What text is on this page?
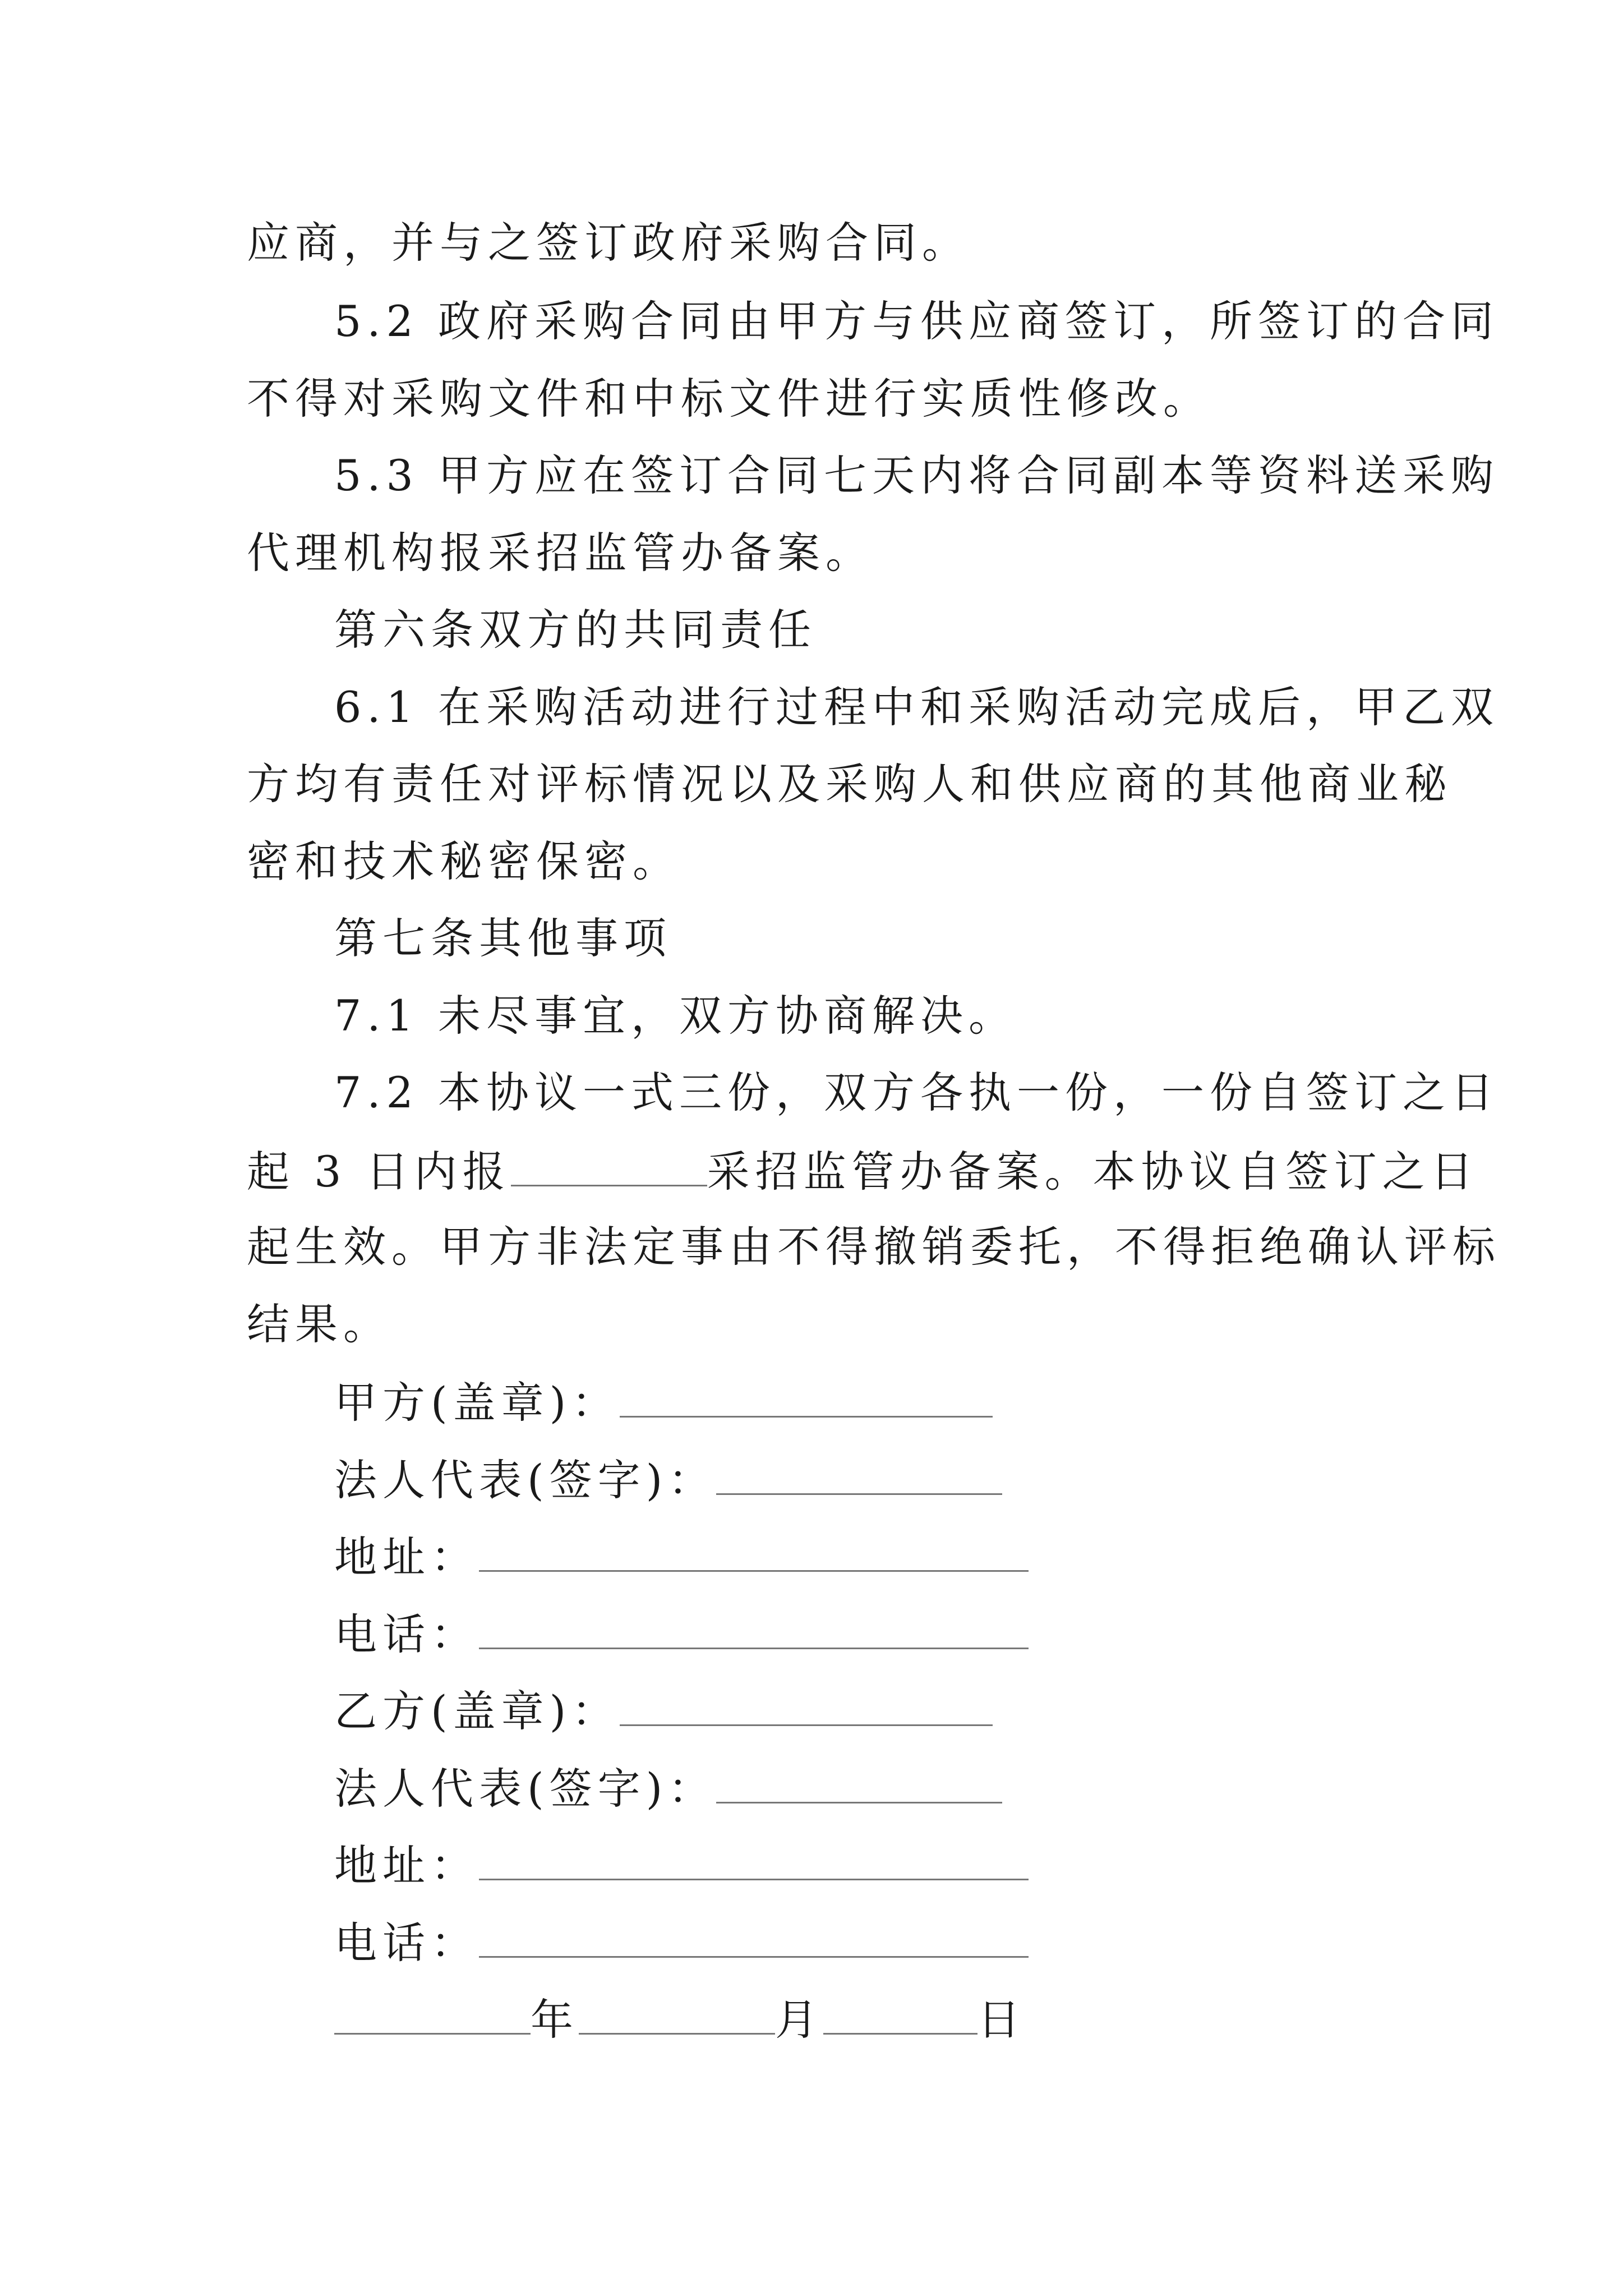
应商，并与之签订政府采购合同。
5.2 政府采购合同由甲方与供应商签订，所签订的合同
不得对采购文件和中标文件进行实质性修改。
5.3 甲方应在签订合同七天内将合同副本等资料送采购
代理机构报采招监管办备案。
第六条双方的共同责任
6.1 在采购活动进行过程中和采购活动完成后，甲乙双
方均有责任对评标情况以及采购人和供应商的其他商业秘
密和技术秘密保密。
第七条其他事项
7.1 未尽事宜，双方协商解决。
7.2 本协议一式三份，双方各执一份，一份自签订之日
起 3 日内报	采招监管办备案。本协议自签订之日
起生效。甲方非法定事由不得撤销委托，不得拒绝确认评标
结果。
甲方(盖章)：
法人代表(签字)：
地址：
电话：
乙方(盖章)：
法人代表(签字)：
地址：
电话：
年	月	日
